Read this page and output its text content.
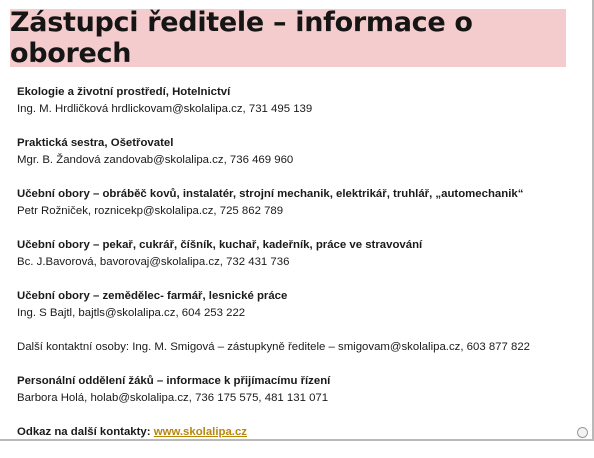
Zástupci ředitele – informace o oborech
Ekologie a životní prostředí, Hotelnictví
Ing. M. Hrdličková hrdlickovam@skolalipa.cz, 731 495 139
Praktická sestra, Ošetřovatel
Mgr. B. Žandová zandovab@skolalipa.cz, 736 469 960
Učební obory – obráběč kovů, instalatér, strojní mechanik, elektrikář, truhlář, „automechanik“
Petr Rožniček, roznicekp@skolalipa.cz, 725 862 789
Učební obory – pekař, cukrář, číšník, kuchař, kadeřník, práce ve stravování
Bc. J.Bavorová, bavorovaj@skolalipa.cz, 732 431 736
Učební obory – zemědělec- farmář, lesnické práce
Ing. S Bajtl, bajtls@skolalipa.cz, 604 253 222
Další kontaktní osoby: Ing. M. Smigová – zástupkyně ředitele – smigovam@skolalipa.cz, 603 877 822
Personální oddělení žáků – informace k přijímacímu řízení
Barbora Holá, holab@skolalipa.cz, 736 175 575, 481 131 071
Odkaz na další kontakty: www.skolalipa.cz
